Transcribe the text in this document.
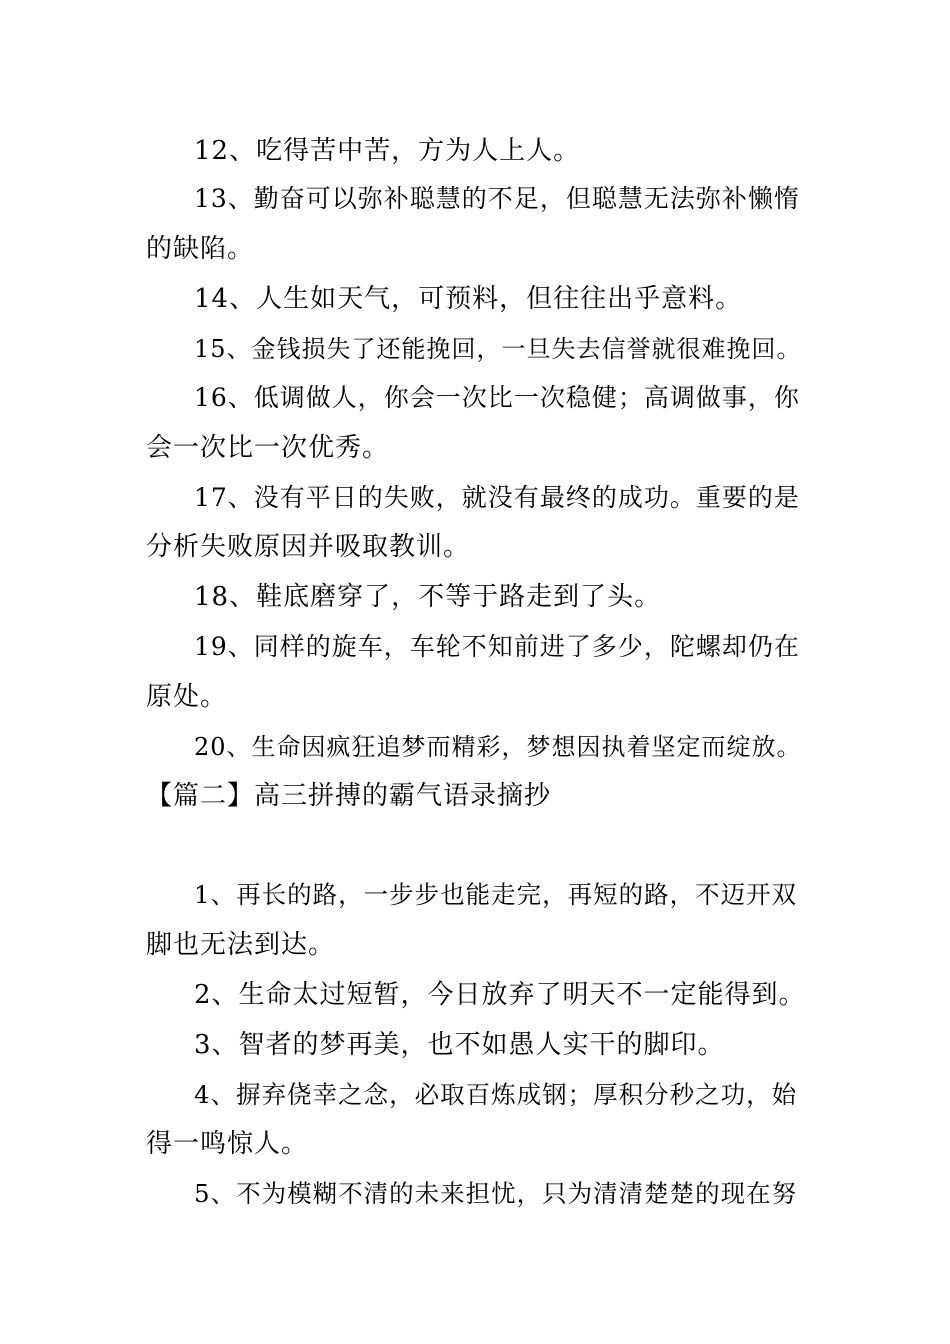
12、吃得苦中苦，方为人上人。
13、勤奋可以弥补聪慧的不足，但聪慧无法弥补懒惰
的缺陷。
14、人生如天气，可预料，但往往出乎意料。
15、金钱损失了还能挽回，一旦失去信誉就很难挽回。
16、低调做人，你会一次比一次稳健；高调做事，你
会一次比一次优秀。
17、没有平日的失败，就没有最终的成功。重要的是
分析失败原因并吸取教训。
18、鞋底磨穿了，不等于路走到了头。
19、同样的旋车，车轮不知前进了多少，陀螺却仍在
原处。
20、生命因疯狂追梦而精彩，梦想因执着坚定而绽放。
【篇二】高三拼搏的霸气语录摘抄
1、再长的路，一步步也能走完，再短的路，不迈开双
脚也无法到达。
2、生命太过短暂，今日放弃了明天不一定能得到。
3、智者的梦再美，也不如愚人实干的脚印。
4、摒弃侥幸之念，必取百炼成钢；厚积分秒之功，始
得一鸣惊人。
5、不为模糊不清的未来担忧，只为清清楚楚的现在努
